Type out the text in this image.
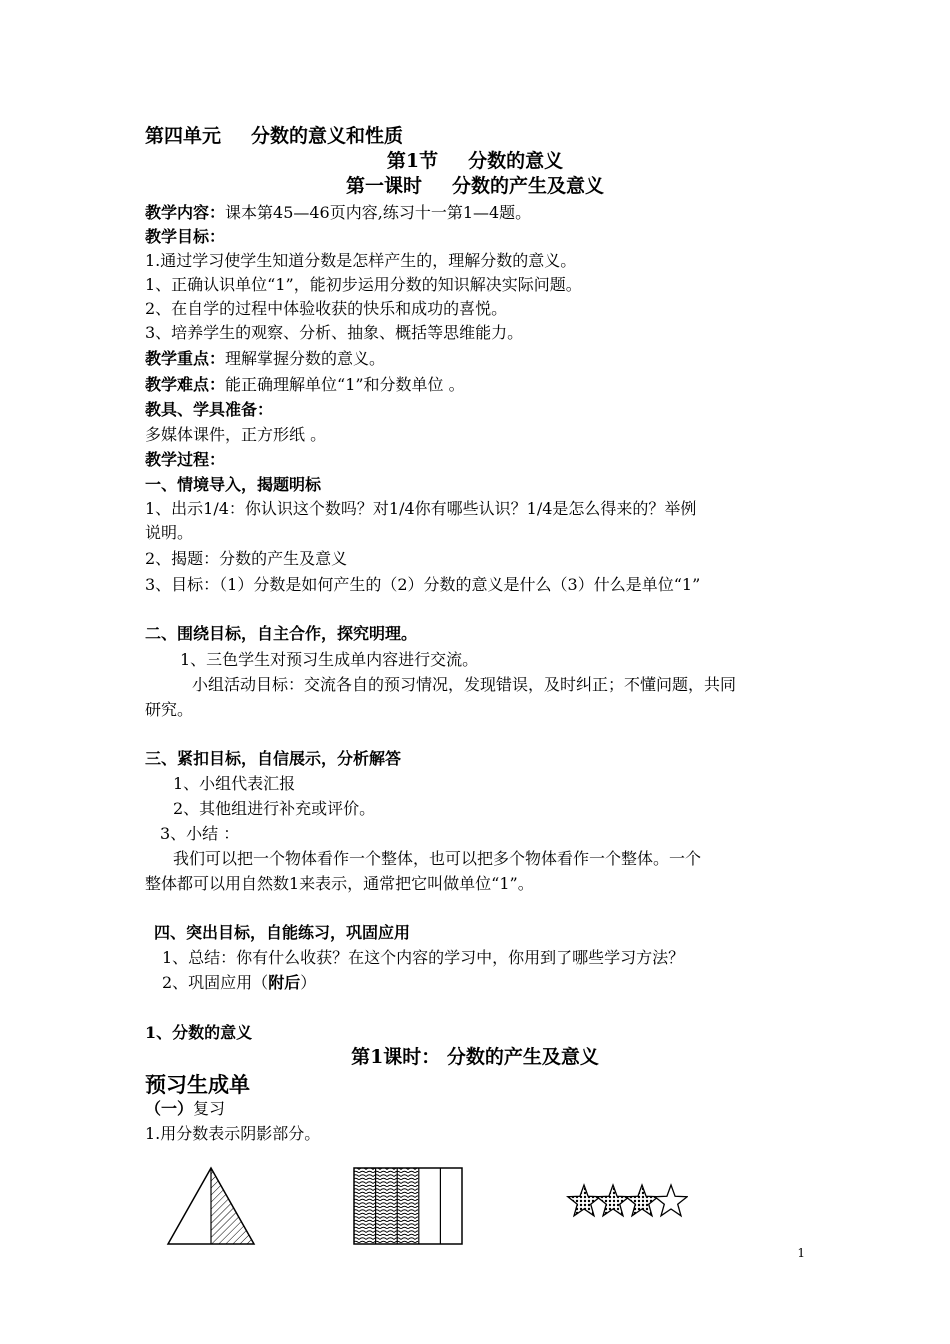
第四单元 分数的意义和性质
第1节 分数的意义
第一课时 分数的产生及意义
教学内容：课本第45—46页内容,练习十一第1—4题。
教学目标：
1.通过学习使学生知道分数是怎样产生的，理解分数的意义。
1、正确认识单位“1”，能初步运用分数的知识解决实际问题。
2、在自学的过程中体验收获的快乐和成功的喜悦。
3、培养学生的观察、分析、抽象、概括等思维能力。
教学重点：理解掌握分数的意义。
教学难点：能正确理解单位“1”和分数单位 。
教具、学具准备：
多媒体课件，正方形纸 。
教学过程：
一、情境导入，揭题明标
1、出示1/4：你认识这个数吗？对1/4你有哪些认识？1/4是怎么得来的？举例
说明。
2、揭题：分数的产生及意义
3、目标：（1）分数是如何产生的（2）分数的意义是什么（3）什么是单位“1”
二、围绕目标，自主合作，探究明理。
1、三色学生对预习生成单内容进行交流。
小组活动目标：交流各自的预习情况，发现错误，及时纠正；不懂问题，共同
研究。
三、紧扣目标，自信展示，分析解答
1、小组代表汇报
2、其他组进行补充或评价。
3、小结 ：
我们可以把一个物体看作一个整体，也可以把多个物体看作一个整体。一个
整体都可以用自然数1来表示，通常把它叫做单位“1”。
四、突出目标，自能练习，巩固应用
1、总结：你有什么收获？在这个内容的学习中，你用到了哪些学习方法？
2、巩固应用（附后）
1、分数的意义
第1课时： 分数的产生及意义
预习生成单
（一）复习
1.用分数表示阴影部分。
1
